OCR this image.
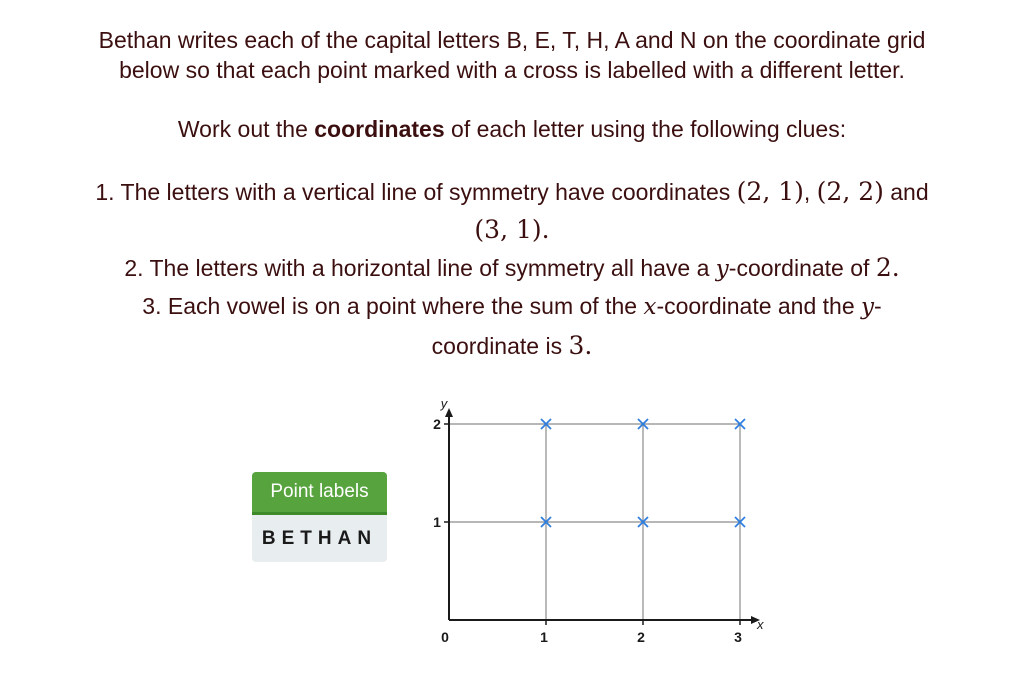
Bethan writes each of the capital letters B, E, T, H, A and N on the coordinate grid
below so that each point marked with a cross is labelled with a different letter.
Work out the coordinates of each letter using the following clues:
1. The letters with a vertical line of symmetry have coordinates (2, 1), (2, 2) and
(3, 1).
2. The letters with a horizontal line of symmetry all have a y-coordinate of 2.
3. Each vowel is on a point where the sum of the x-coordinate and the y-
coordinate is 3.
Point labels
BETHAN
x
y
0	1	2	3
1
2
